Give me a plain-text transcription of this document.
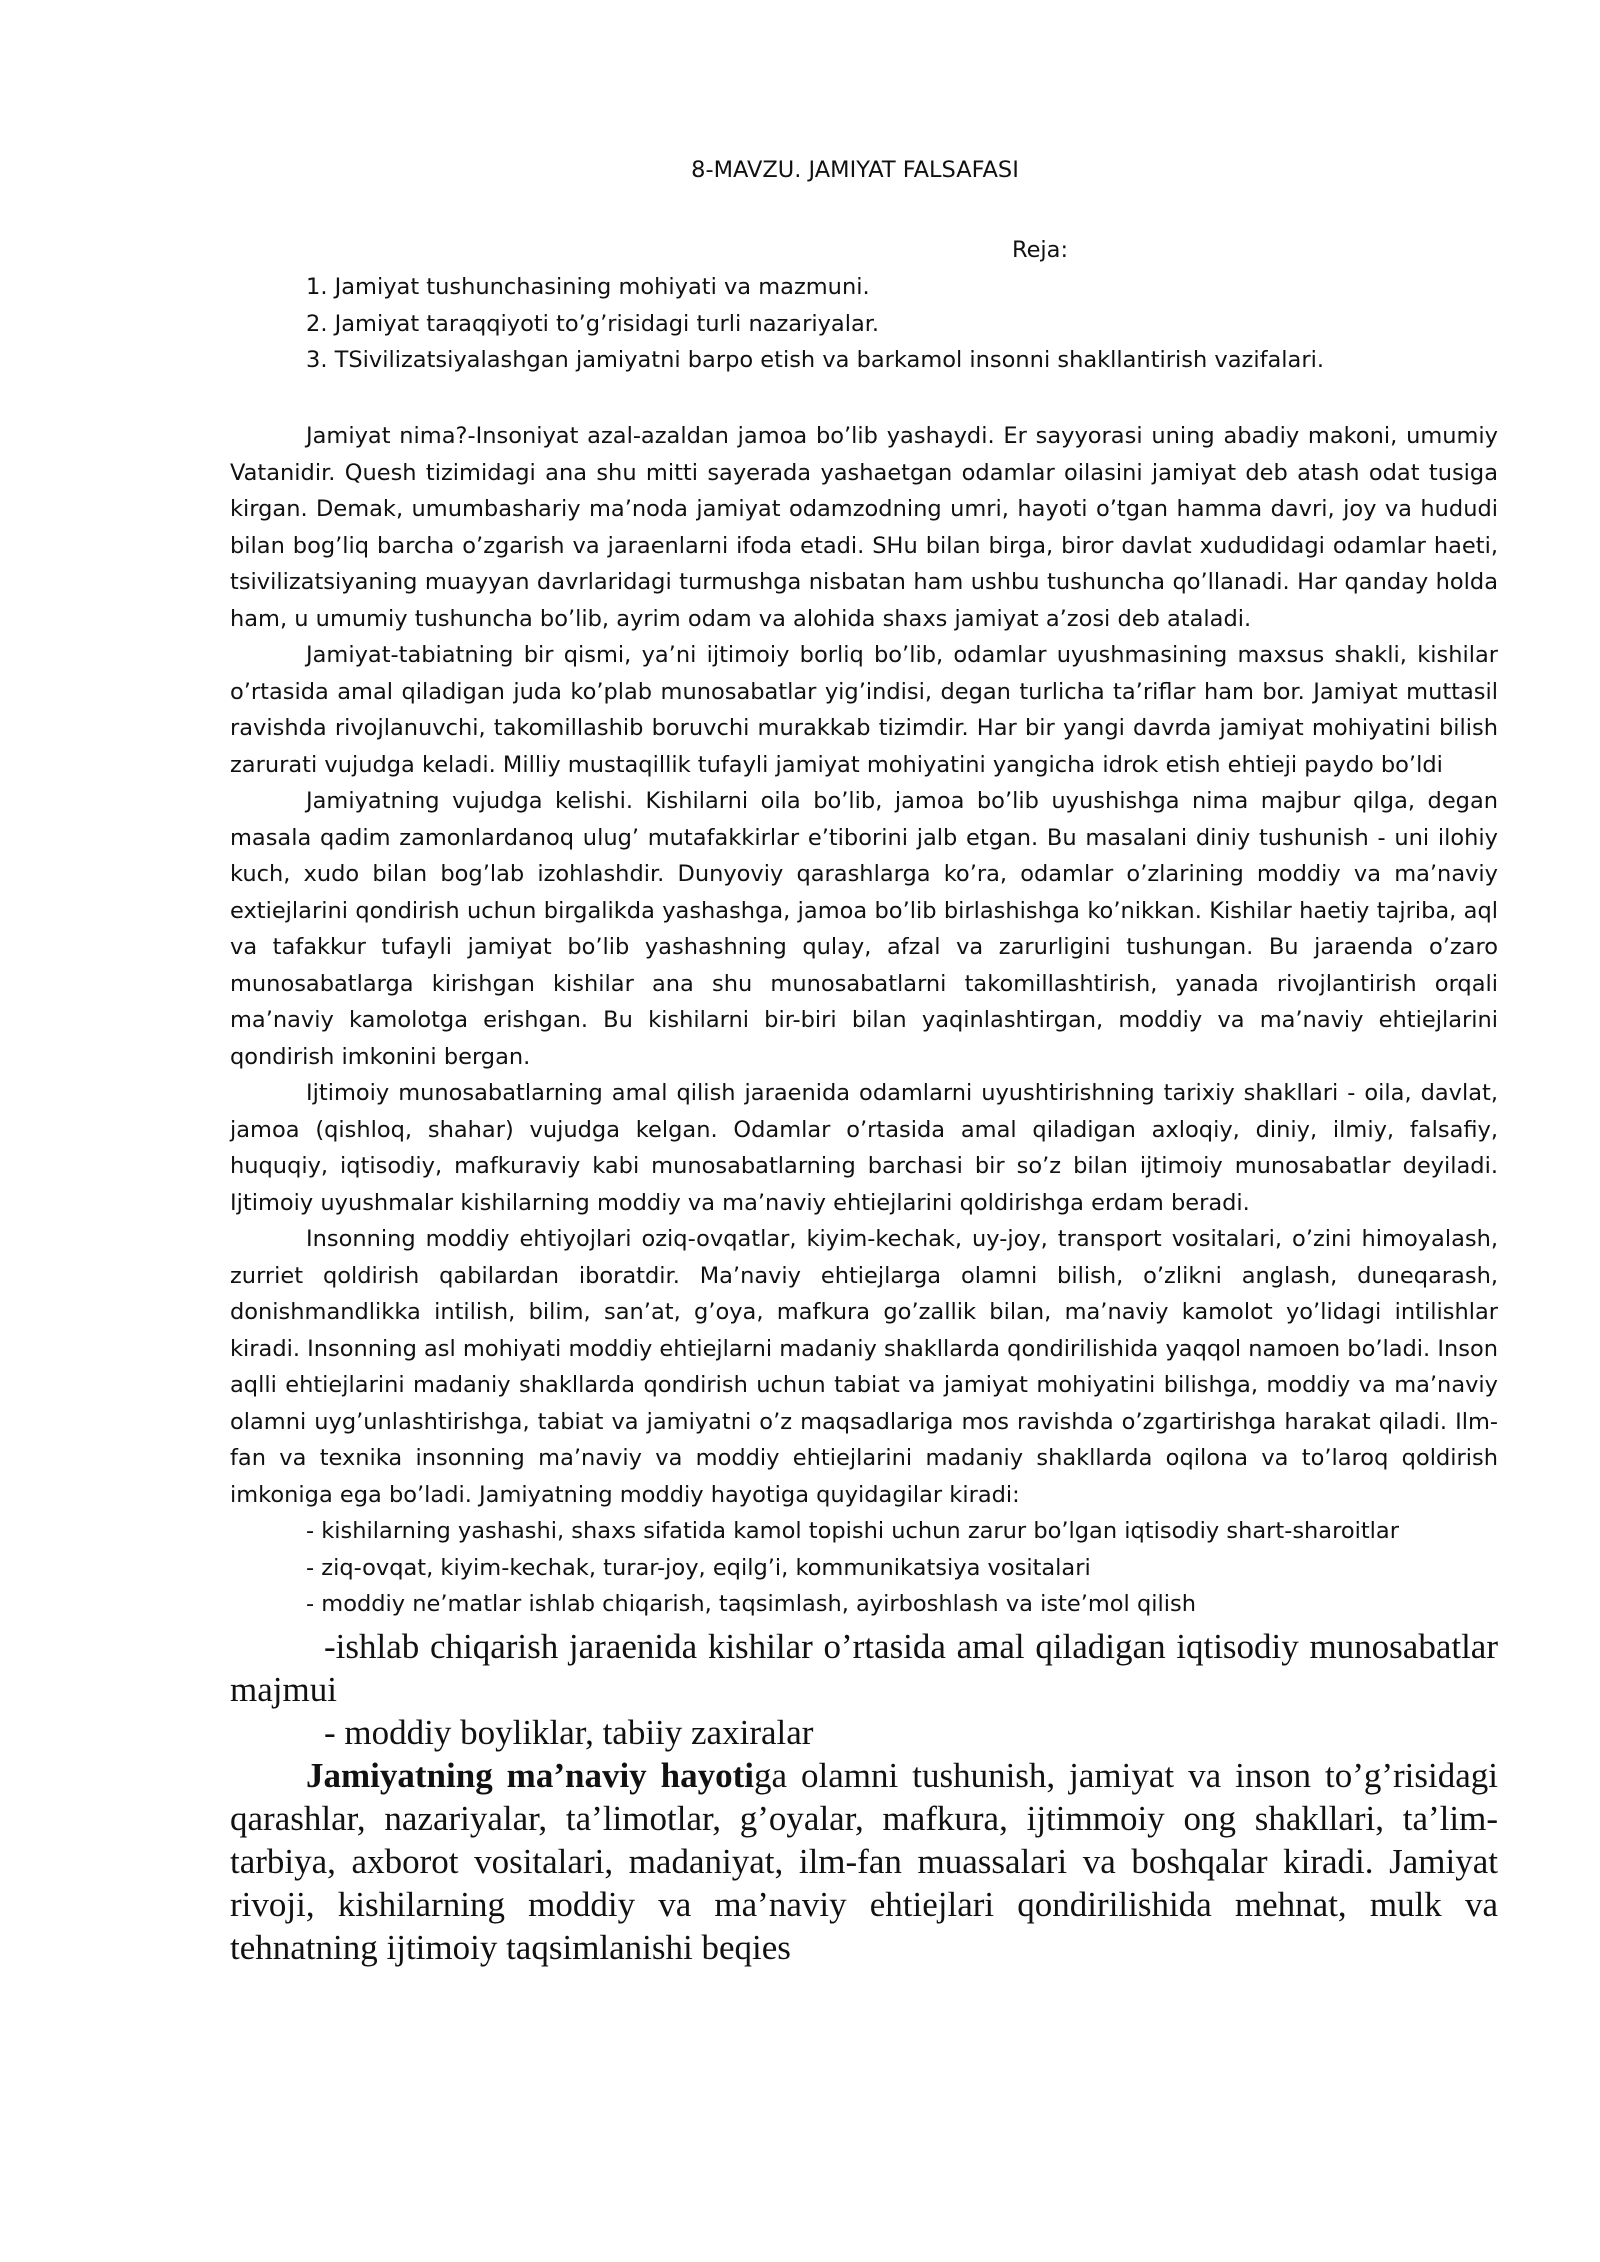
8-MAVZU. JAMIYAT FALSAFASI
Reja:
1. Jamiyat tushunchasining mohiyati va mazmuni.
2. Jamiyat taraqqiyoti to’g’risidagi turli nazariyalar.
3. TSivilizatsiyalashgan jamiyatni barpo etish va barkamol insonni shakllantirish vazifalari.

Jamiyat nima?-Insoniyat azal-azaldan jamoa bo’lib yashaydi. Er sayyorasi uning abadiy makoni, umumiy Vatanidir. Quesh tizimidagi ana shu mitti sayerada yashaetgan odamlar oilasini jamiyat deb atash odat tusiga kirgan. Demak, umumbashariy ma’noda jamiyat odamzodning umri, hayoti o’tgan hamma davri, joy va hududi bilan bog’liq barcha o’zgarish va jaraenlarni ifoda etadi. SHu bilan birga, biror davlat xududidagi odamlar haeti, tsivilizatsiyaning muayyan davrlaridagi turmushga nisbatan ham ushbu tushuncha qo’llanadi. Har qanday holda ham, u umumiy tushuncha bo’lib, ayrim odam va alohida shaxs jamiyat a’zosi deb ataladi.

Jamiyat-tabiatning bir qismi, ya’ni ijtimoiy borliq bo’lib, odamlar uyushmasining maxsus shakli, kishilar o’rtasida amal qiladigan juda ko’plab munosabatlar yig’indisi, degan turlicha ta’riflar ham bor. Jamiyat muttasil ravishda rivojlanuvchi, takomillashib boruvchi murakkab tizimdir. Har bir yangi davrda jamiyat mohiyatini bilish zarurati vujudga keladi. Milliy mustaqillik tufayli jamiyat mohiyatini yangicha idrok etish ehtieji paydo bo’ldi

Jamiyatning vujudga kelishi. Kishilarni oila bo’lib, jamoa bo’lib uyushishga nima majbur qilga, degan masala qadim zamonlardanoq ulug’ mutafakkirlar e’tiborini jalb etgan. Bu masalani diniy tushunish - uni ilohiy kuch, xudo bilan bog’lab izohlashdir. Dunyoviy qarashlarga ko’ra, odamlar o’zlarining moddiy va ma’naviy extiejlarini qondirish uchun birgalikda yashashga, jamoa bo’lib birlashishga ko’nikkan. Kishilar haetiy tajriba, aql va tafakkur tufayli jamiyat bo’lib yashashning qulay, afzal va zarurligini tushungan. Bu jaraenda o’zaro munosabatlarga kirishgan kishilar ana shu munosabatlarni takomillashtirish, yanada rivojlantirish orqali ma’naviy kamolotga erishgan. Bu kishilarni bir-biri bilan yaqinlashtirgan, moddiy va ma’naviy ehtiejlarini qondirish imkonini bergan.

Ijtimoiy munosabatlarning amal qilish jaraenida odamlarni uyushtirishning tarixiy shakllari - oila, davlat, jamoa (qishloq, shahar) vujudga kelgan. Odamlar o’rtasida amal qiladigan axloqiy, diniy, ilmiy, falsafiy, huquqiy, iqtisodiy, mafkuraviy kabi munosabatlarning barchasi bir so’z bilan ijtimoiy munosabatlar deyiladi. Ijtimoiy uyushmalar kishilarning moddiy va ma’naviy ehtiejlarini qoldirishga erdam beradi.

Insonning moddiy ehtiyojlari oziq-ovqatlar, kiyim-kechak, uy-joy, transport vositalari, o’zini himoyalash, zurriet qoldirish qabilardan iboratdir. Ma’naviy ehtiejlarga olamni bilish, o’zlikni anglash, duneqarash, donishmandlikka intilish, bilim, san’at, g’oya, mafkura go’zallik bilan, ma’naviy kamolot yo’lidagi intilishlar kiradi. Insonning asl mohiyati moddiy ehtiejlarni madaniy shakllarda qondirilishida yaqqol namoen bo’ladi. Inson aqlli ehtiejlarini madaniy shakllarda qondirish uchun tabiat va jamiyat mohiyatini bilishga, moddiy va ma’naviy olamni uyg’unlashtirishga, tabiat va jamiyatni o’z maqsadlariga mos ravishda o’zgartirishga harakat qiladi. Ilm-fan va texnika insonning ma’naviy va moddiy ehtiejlarini madaniy shakllarda oqilona va to’laroq qoldirish imkoniga ega bo’ladi. Jamiyatning moddiy hayotiga quyidagilar kiradi:

- kishilarning yashashi, shaxs sifatida kamol topishi uchun zarur bo’lgan iqtisodiy shart-sharoitlar

- ziq-ovqat, kiyim-kechak, turar-joy, eqilg’i, kommunikatsiya vositalari

- moddiy ne’matlar ishlab chiqarish, taqsimlash, ayirboshlash va iste’mol qilish

-ishlab chiqarish jaraenida kishilar o’rtasida amal qiladigan iqtisodiy munosabatlar majmui

- moddiy boyliklar, tabiiy zaxiralar

Jamiyatning ma’naviy hayotiga olamni tushunish, jamiyat va inson to’g’risidagi qarashlar, nazariyalar, ta’limotlar, g’oyalar, mafkura, ijtimmoiy ong shakllari, ta’lim-tarbiya, axborot vositalari, madaniyat, ilm-fan muassalari va boshqalar kiradi. Jamiyat rivoji, kishilarning moddiy va ma’naviy ehtiejlari qondirilishida mehnat, mulk va tehnatning ijtimoiy taqsimlanishi beqies
